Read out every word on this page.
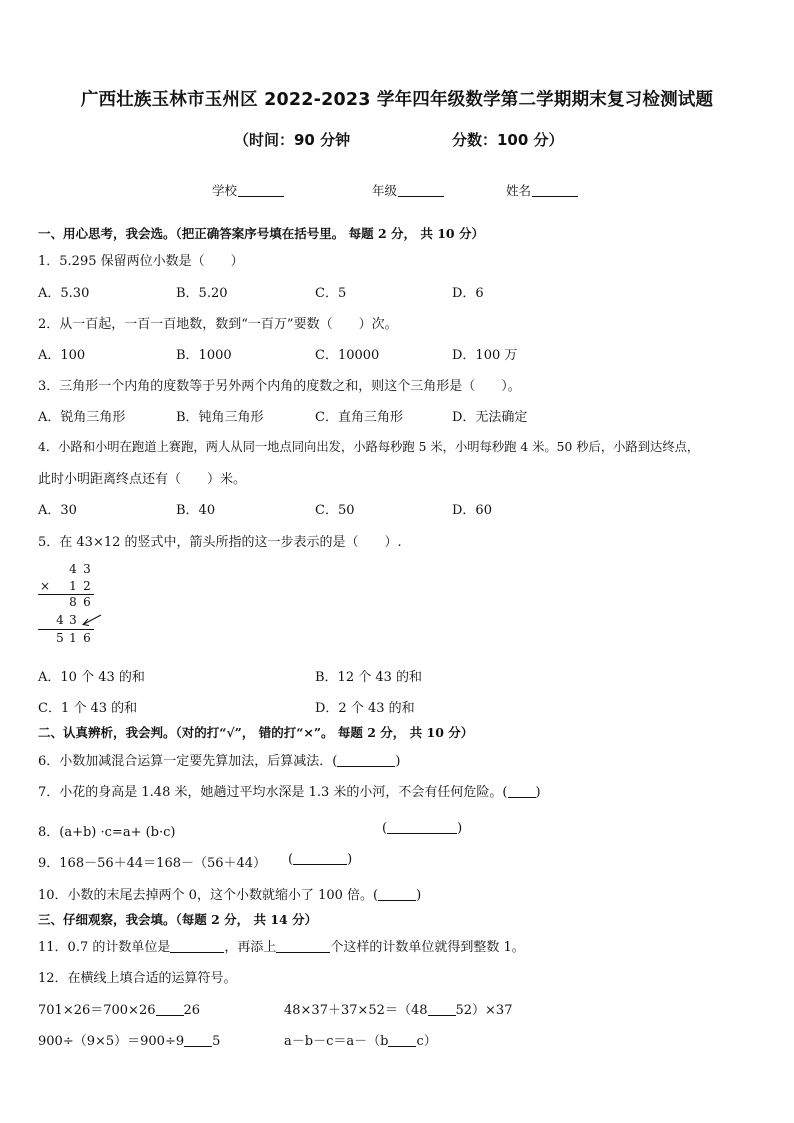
广西壮族玉林市玉州区 2022-2023 学年四年级数学第二学期期末复习检测试题
（时间：90 分钟	分数：100 分）
学校	年级	姓名
一、用心思考，我会选。（把正确答案序号填在括号里。 每题 2 分， 共 10 分）
1．5.295 保留两位小数是（　　）
A．5.30	B．5.20	C．5	D．6
2．从一百起，一百一百地数，数到“一百万”要数（　　）次。
A．100	B．1000	C．10000	D．100 万
3．三角形一个内角的度数等于另外两个内角的度数之和，则这个三角形是（　　）。
A．锐角三角形	B．钝角三角形	C．直角三角形	D．无法确定
4．小路和小明在跑道上赛跑，两人从同一地点同向出发，小路每秒跑 5 米，小明每秒跑 4 米。50 秒后，小路到达终点，
此时小明距离终点还有（　　）米。
A．30	B．40	C．50	D．60
5．在 43×12 的竖式中，箭头所指的这一步表示的是（　　）.
4 3
× 1 2
8 6
4 3
5 1 6
A．10 个 43 的和	B．12 个 43 的和
C．1 个 43 的和	D．2 个 43 的和
二、认真辨析，我会判。（对的打“√”， 错的打“×”。 每题 2 分， 共 10 分）
6．小数加减混合运算一定要先算加法，后算减法．(	)
7．小花的身高是 1.48 米，她趟过平均水深是 1.3 米的小河，不会有任何危险。( )
8．(a+b) ·c=a+ (b·c)	(	)
9．168－56＋44＝168－（56＋44） (	)
10．小数的末尾去掉两个 0，这个小数就缩小了 100 倍。(	)
三、仔细观察，我会填。（每题 2 分， 共 14 分）
11．0.7 的计数单位是	，再添上	个这样的计数单位就得到整数 1。
12．在横线上填合适的运算符号。
701×26＝700×26 26	48×37＋37×52＝（48 52）×37
900÷（9×5）＝900÷9 5	a－b－c＝a－（b c）
